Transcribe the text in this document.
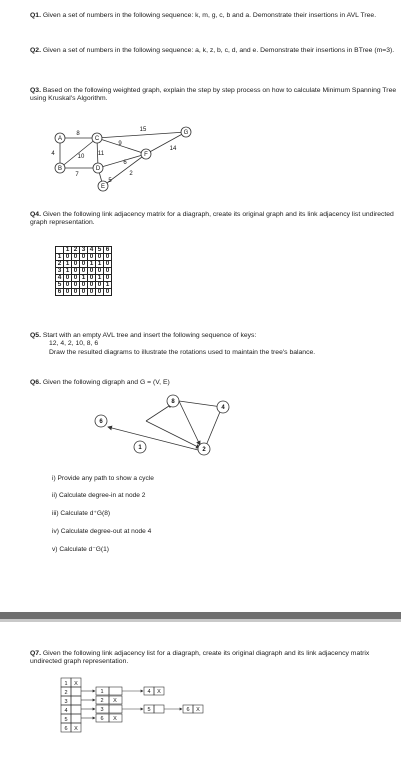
Q1. Given a set of numbers in the following sequence: k, m, g, c, b and a. Demonstrate their insertions in AVL Tree.
Q2. Given a set of numbers in the following sequence: a, k, z, b, c, d, and e. Demonstrate their insertions in BTree (m=3).
Q3. Based on the following weighted graph, explain the step by step process on how to calculate Minimum Spanning Tree using Kruskal's Algorithm.
A	C
G
B	D
F
E
8
15
4	11
9
14
10
6
7	2
5
Q4. Given the following link adjacency matrix for a diagraph, create its original graph and its link adjacency list undirected graph representation.
	1	2	3	4	5	6
1	0	0	0	0	0	0
2	1	0	0	1	1	0
3	1	0	0	0	0	0
4	0	0	1	0	1	0
5	0	0	0	0	0	1
6	0	0	0	0	0	0
Q5. Start with an empty AVL tree and insert the following sequence of keys:
12, 4, 2, 10, 8, 6
Draw the resulted diagrams to illustrate the rotations used to maintain the tree's balance.
Q6. Given the following digraph and G = (V, E)
8
4
6
1	2
i) Provide any path to show a cycle
ii) Calculate degree-in at node 2
iii) Calculate d⁺G(8)
iv) Calculate degree-out at node 4
v) Calculate d⁻G(1)
Q7. Given the following link adjacency list for a diagraph, create its original diagraph and its link adjacency matrix undirected graph representation.
1 X
2
3
4
5
6 X
1
2 X
3
6 X
4 X
5	6 X
